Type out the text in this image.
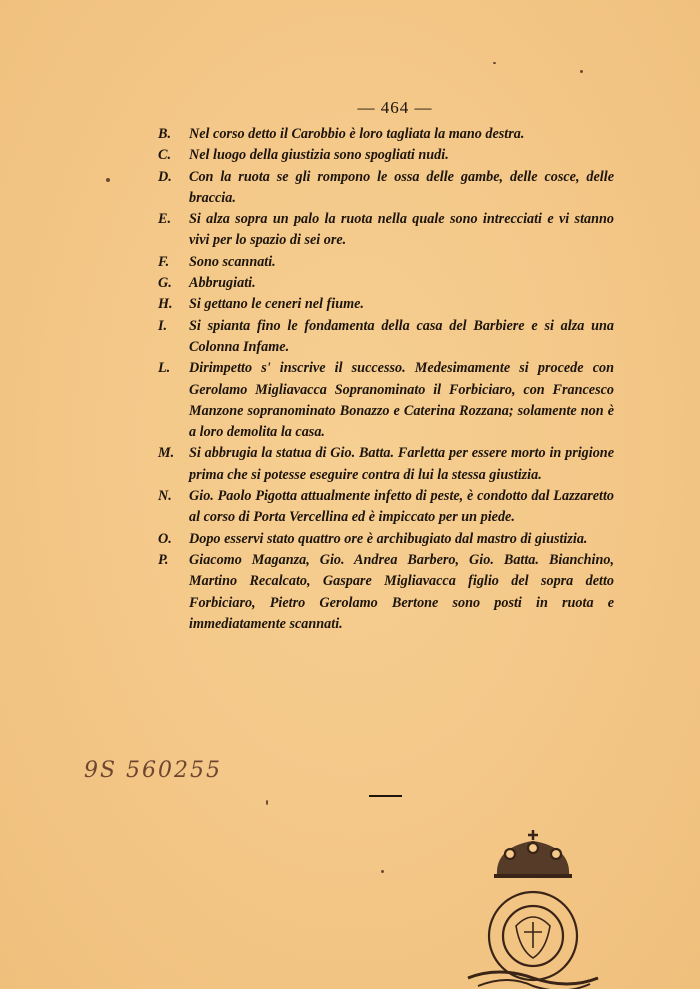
— 464 —
B. Nel corso detto il Carobbio è loro tagliata la mano destra.
C. Nel luogo della giustizia sono spogliati nudi.
D. Con la ruota se gli rompono le ossa delle gambe, delle cosce, delle braccia.
E. Si alza sopra un palo la ruota nella quale sono intrecciati e vi stanno vivi per lo spazio di sei ore.
F. Sono scannati.
G. Abbrugiati.
H. Si gettano le ceneri nel fiume.
I. Si spianta fino le fondamenta della casa del Barbiere e si alza una Colonna Infame.
L. Dirimpetto s' inscrive il successo. Medesimamente si procede con Gerolamo Migliavacca Sopranominato il Forbiciaro, con Francesco Manzone sopranominato Bonazzo e Caterina Rozzana; solamente non è a loro demolita la casa.
M. Si abbrugia la statua di Gio. Batta. Farletta per essere morto in prigione prima che si potesse eseguire contra di lui la stessa giustizia.
N. Gio. Paolo Pigotta attualmente infetto di peste, è condotto dal Lazzaretto al corso di Porta Vercellina ed è impiccato per un piede.
O. Dopo esservi stato quattro ore è archibugiato dal mastro di giustizia.
P. Giacomo Maganza, Gio. Andrea Barbero, Gio. Batta. Bianchino, Martino Recalcato, Gaspare Migliavacca figlio del sopra detto Forbiciaro, Pietro Gerolamo Bertone sono posti in ruota e immediatamente scannati.
9S 560255
